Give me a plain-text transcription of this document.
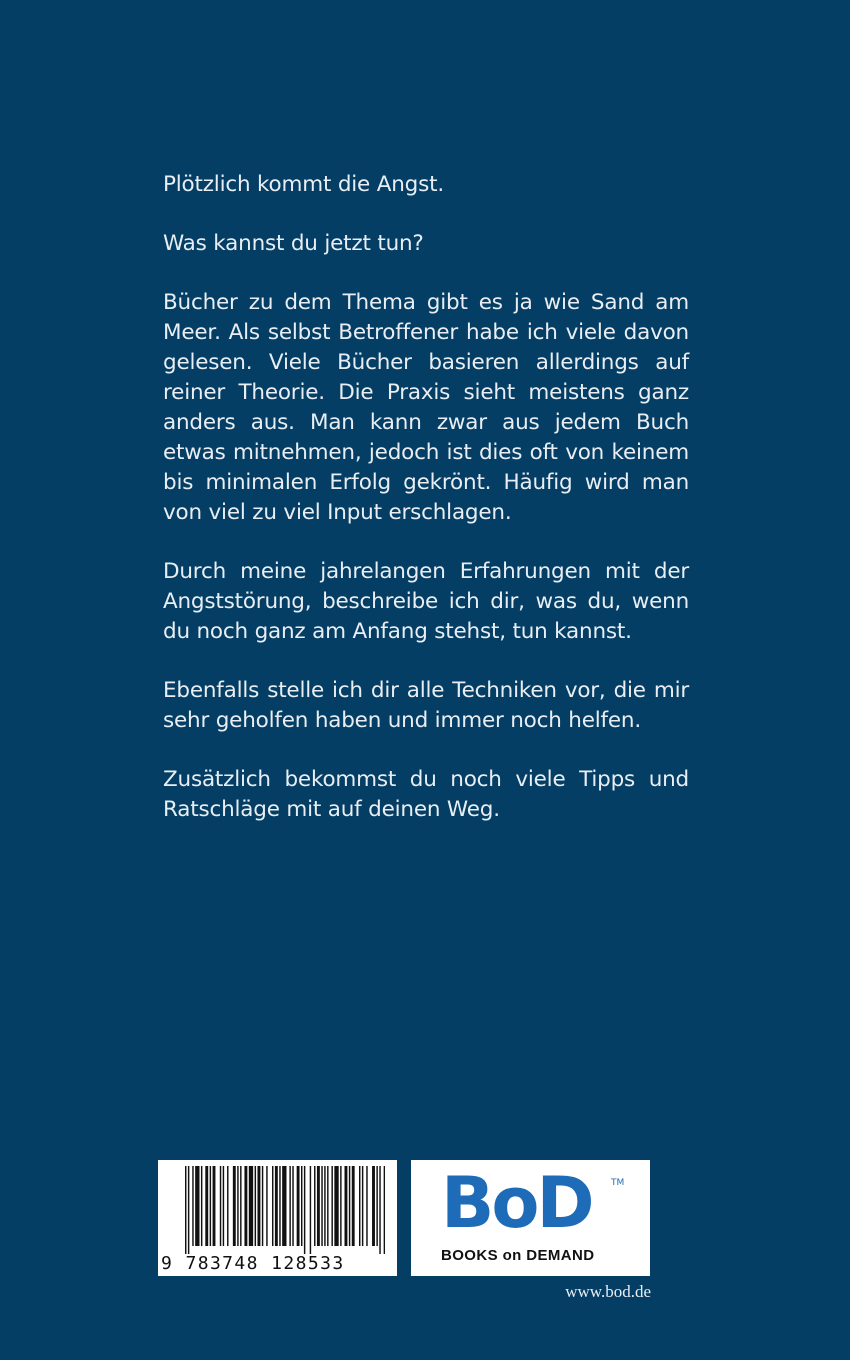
Plötzlich kommt die Angst.

Was kannst du jetzt tun?

Bücher zu dem Thema gibt es ja wie Sand am Meer. Als selbst Betroffener habe ich viele davon gelesen. Viele Bücher basieren allerdings auf reiner Theorie. Die Praxis sieht meistens ganz anders aus. Man kann zwar aus jedem Buch etwas mitnehmen, jedoch ist dies oft von keinem bis minimalen Erfolg gekrönt. Häufig wird man von viel zu viel Input erschlagen.

Durch meine jahrelangen Erfahrungen mit der Angststörung, beschreibe ich dir, was du, wenn du noch ganz am Anfang stehst, tun kannst.

Ebenfalls stelle ich dir alle Techniken vor, die mir sehr geholfen haben und immer noch helfen.

Zusätzlich bekommst du noch viele Tipps und Ratschläge mit auf deinen Weg.

9 783748 128533
BoD TM
BOOKS on DEMAND
www.bod.de
